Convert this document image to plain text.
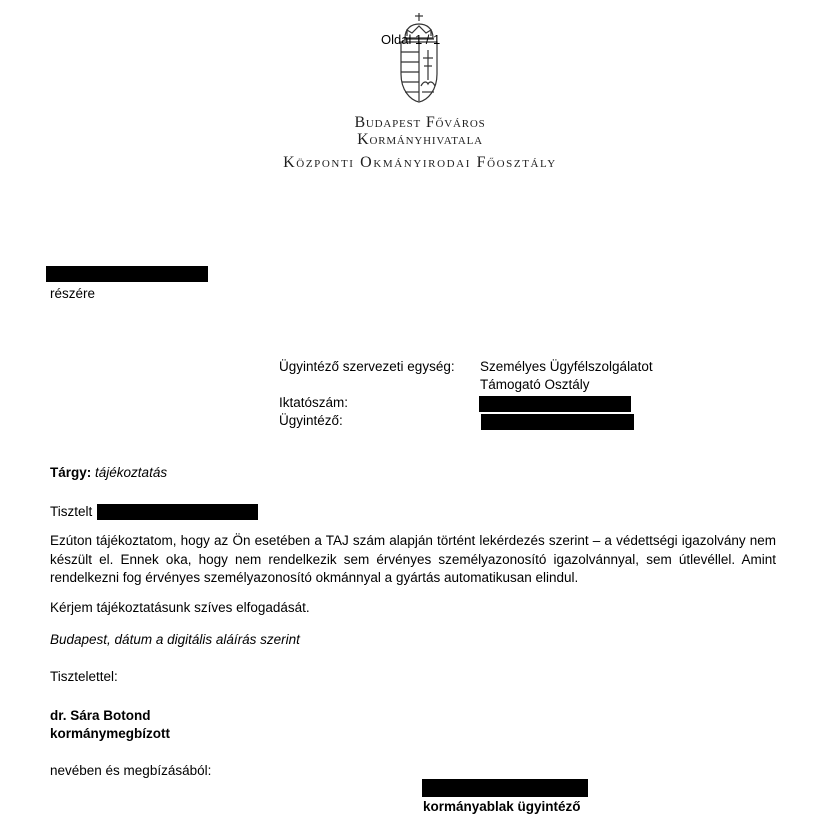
Oldal 1 / 1
Budapest Főváros
Kormányhivatala
Központi Okmányirodai Főosztály
részére
Ügyintéző szervezeti egység: Személyes Ügyfélszolgálatot
Támogató Osztály
Iktatószám:
Ügyintéző:
Tárgy: tájékoztatás
Tisztelt
Ezúton tájékoztatom, hogy az Ön esetében a TAJ szám alapján történt lekérdezés szerint – a védettségi igazolvány nem készült el. Ennek oka, hogy nem rendelkezik sem érvényes személyazonosító igazolvánnyal, sem útlevéllel. Amint rendelkezni fog érvényes személyazonosító okmánnyal a gyártás automatikusan elindul.
Kérjem tájékoztatásunk szíves elfogadását.
Budapest, dátum a digitális aláírás szerint
Tisztelettel:
dr. Sára Botond
kormánymegbízott
nevében és megbízásából:
kormányablak ügyintéző
